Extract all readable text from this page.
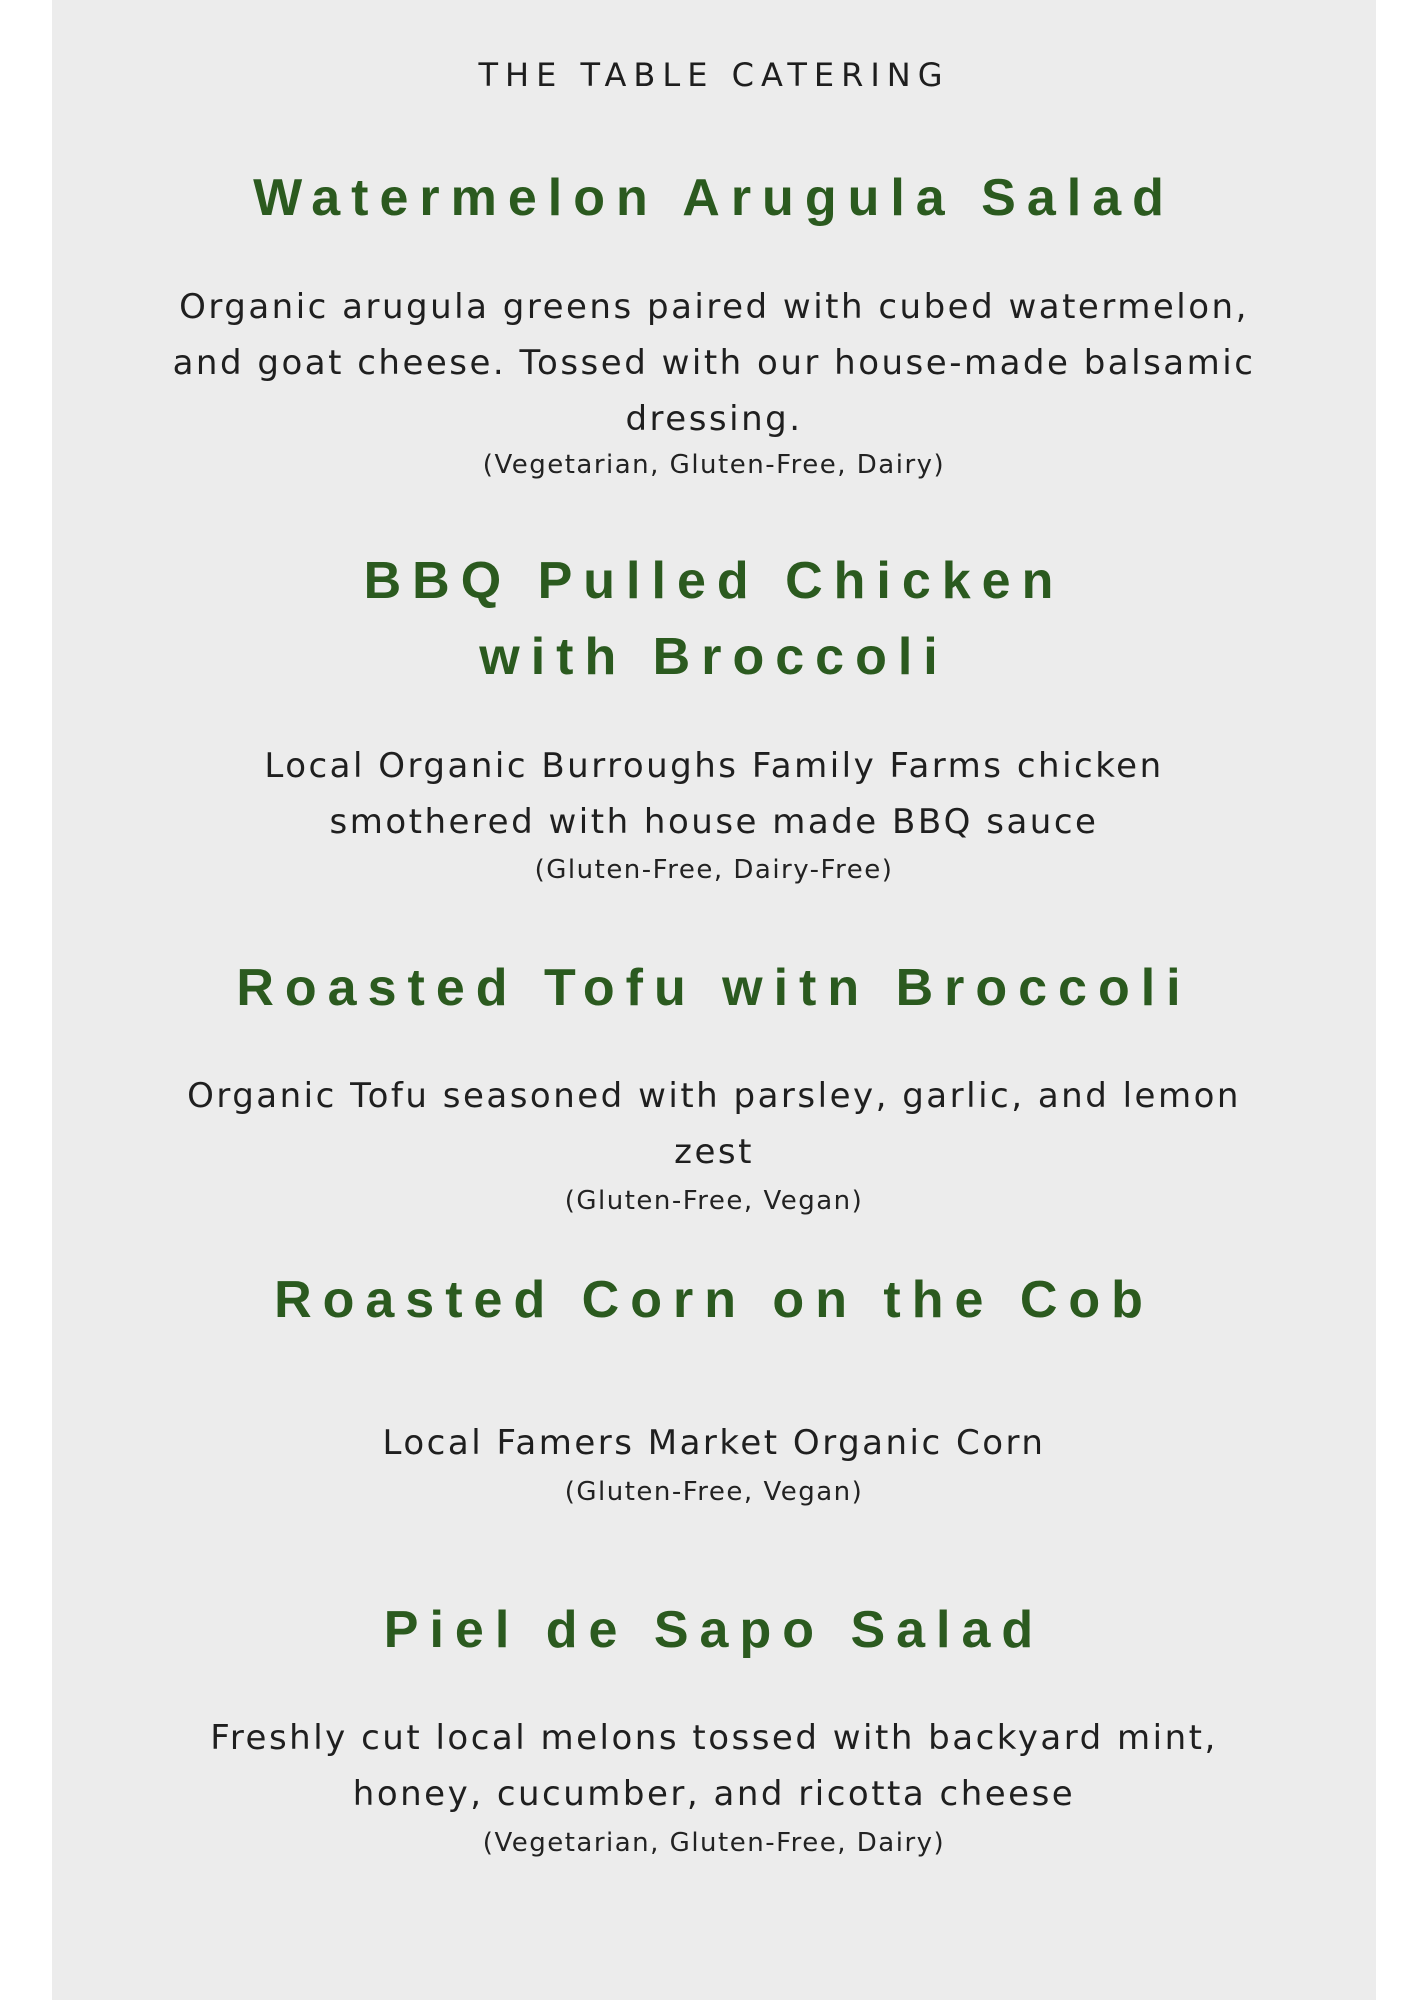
THE TABLE CATERING
Watermelon Arugula Salad

Organic arugula greens paired with cubed watermelon, and goat cheese. Tossed with our house-made balsamic dressing.

(Vegetarian, Gluten-Free, Dairy)
BBQ Pulled Chicken
with Broccoli

Local Organic Burroughs Family Farms chicken smothered with house made BBQ sauce

(Gluten-Free, Dairy-Free)
Roasted Tofu witn Broccoli

Organic Tofu seasoned with parsley, garlic, and lemon zest

(Gluten-Free, Vegan)
Roasted Corn on the Cob

Local Famers Market Organic Corn

(Gluten-Free, Vegan)
Piel de Sapo Salad

Freshly cut local melons tossed with backyard mint, honey, cucumber, and ricotta cheese

(Vegetarian, Gluten-Free, Dairy)
